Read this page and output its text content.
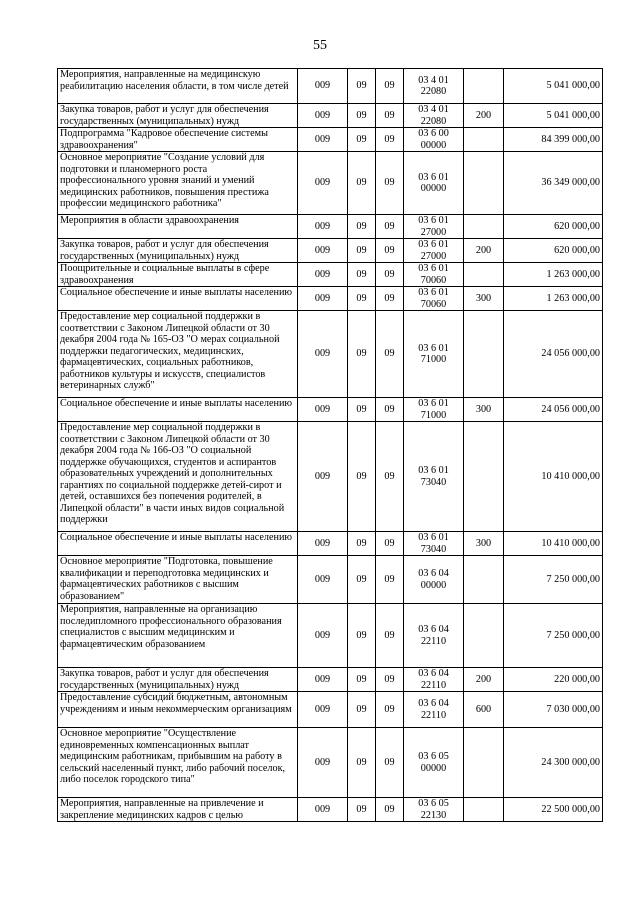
55
Мероприятия, направленные на медицинскую реабилитацию населения области, в том числе детей	009	09	09	03 4 01 22080		5 041 000,00

Закупка товаров, работ и услуг для обеспечения государственных (муниципальных) нужд	009	09	09	03 4 01 22080	200	5 041 000,00

Подпрограмма "Кадровое обеспечение системы здравоохранения"	009	09	09	03 6 00 00000		84 399 000,00

Основное мероприятие "Создание условий для подготовки и планомерного роста профессионального уровня знаний и умений медицинских работников, повышения престижа профессии медицинского работника"	009	09	09	03 6 01 00000		36 349 000,00

Мероприятия в области здравоохранения	009	09	09	03 6 01 27000		620 000,00

Закупка товаров, работ и услуг для обеспечения государственных (муниципальных) нужд	009	09	09	03 6 01 27000	200	620 000,00

Поощрительные и социальные выплаты в сфере здравоохранения	009	09	09	03 6 01 70060		1 263 000,00

Социальное обеспечение и иные выплаты населению	009	09	09	03 6 01 70060	300	1 263 000,00

Предоставление мер социальной поддержки в соответствии с Законом Липецкой области от 30 декабря 2004 года № 165-ОЗ "О мерах социальной поддержки педагогических, медицинских, фармацевтических, социальных работников, работников культуры и искусств, специалистов ветеринарных служб"	009	09	09	03 6 01 71000		24 056 000,00

Социальное обеспечение и иные выплаты населению	009	09	09	03 6 01 71000	300	24 056 000,00

Предоставление мер социальной поддержки в соответствии с Законом Липецкой области от 30 декабря 2004 года № 166-ОЗ "О социальной поддержке обучающихся, студентов и аспирантов образовательных учреждений и дополнительных гарантиях по социальной поддержке детей-сирот и детей, оставшихся без попечения родителей, в Липецкой области" в части иных видов социальной поддержки	009	09	09	03 6 01 73040		10 410 000,00

Социальное обеспечение и иные выплаты населению	009	09	09	03 6 01 73040	300	10 410 000,00

Основное мероприятие "Подготовка, повышение квалификации и переподготовка медицинских и фармацевтических работников с высшим образованием"	009	09	09	03 6 04 00000		7 250 000,00

Мероприятия, направленные на организацию последипломного профессионального образования специалистов с высшим медицинским и фармацевтическим образованием	009	09	09	03 6 04 22110		7 250 000,00

Закупка товаров, работ и услуг для обеспечения государственных (муниципальных) нужд	009	09	09	03 6 04 22110	200	220 000,00

Предоставление субсидий бюджетным, автономным учреждениям и иным некоммерческим организациям	009	09	09	03 6 04 22110	600	7 030 000,00

Основное мероприятие "Осуществление единовременных компенсационных выплат медицинским работникам, прибывшим на работу в сельский населенный пункт, либо рабочий поселок, либо поселок городского типа"	009	09	09	03 6 05 00000		24 300 000,00

Мероприятия, направленные на привлечение и закрепление медицинских кадров с целью	009	09	09	03 6 05 22130		22 500 000,00
